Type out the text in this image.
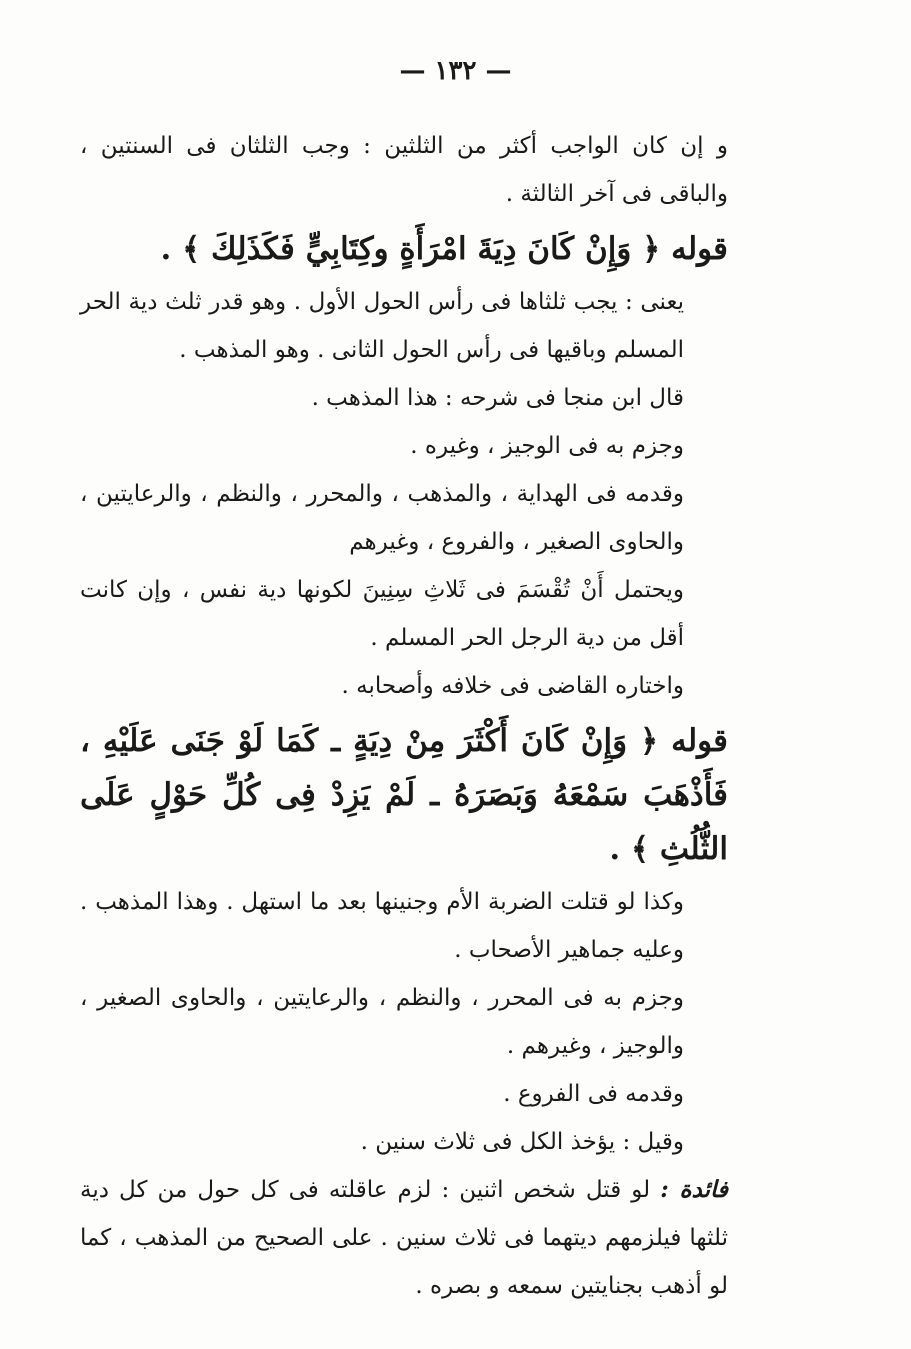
— ١٣٢ —

و إن كان الواجب أكثر من الثلثين : وجب الثلثان فى السنتين ، والباقى فى آخر الثالثة .

قوله ﴿ وَإِنْ كَانَ دِيَةَ امْرَأَةٍ وكِتَابِيٍّ فَكَذَلِكَ ﴾ .

يعنى : يجب ثلثاها فى رأس الحول الأول . وهو قدر ثلث دية الحر المسلم وباقيها فى رأس الحول الثانى . وهو المذهب .

قال ابن منجا فى شرحه : هذا المذهب .

وجزم به فى الوجيز ، وغيره .

وقدمه فى الهداية ، والمذهب ، والمحرر ، والنظم ، والرعايتين ، والحاوى الصغير ، والفروع ، وغيرهم

ويحتمل أَنْ تُقْسَمَ فى ثَلاثِ سِنِينَ لكونها دية نفس ، وإن كانت أقل من دية الرجل الحر المسلم .

واختاره القاضى فى خلافه وأصحابه .

قوله ﴿ وَإِنْ كَانَ أَكْثَرَ مِنْ دِيَةٍ ـ كَمَا لَوْ جَنَى عَلَيْهِ ، فَأَذْهَبَ سَمْعَهُ وَبَصَرَهُ ـ لَمْ يَزِدْ فِى كُلِّ حَوْلٍ عَلَى الثُّلُثِ ﴾ .

وكذا لو قتلت الضربة الأم وجنينها بعد ما استهل . وهذا المذهب . وعليه جماهير الأصحاب .

وجزم به فى المحرر ، والنظم ، والرعايتين ، والحاوى الصغير ، والوجيز ، وغيرهم .

وقدمه فى الفروع .

وقيل : يؤخذ الكل فى ثلاث سنين .

فائدة : لو قتل شخص اثنين : لزم عاقلته فى كل حول من كل دية ثلثها فيلزمهم ديتهما فى ثلاث سنين . على الصحيح من المذهب ، كما لو أذهب بجنايتين سمعه و بصره .
